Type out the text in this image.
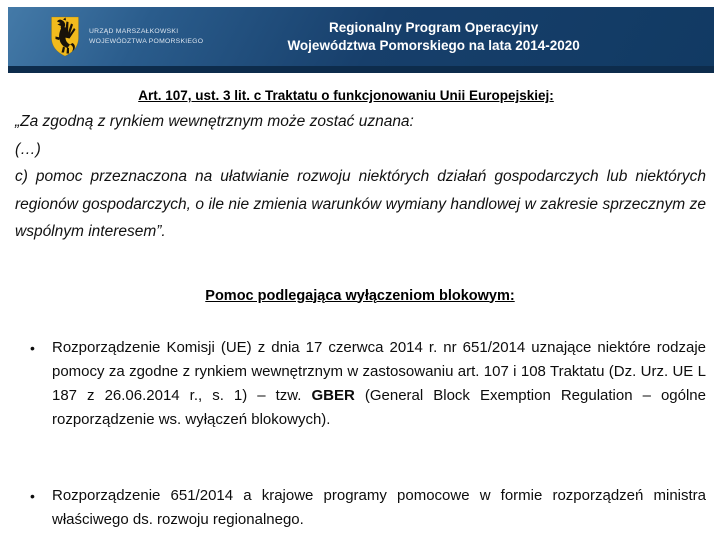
URZĄD MARSZAŁKOWSKI
WOJEWÓDZTWA POMORSKIEGO
Regionalny Program Operacyjny
Województwa Pomorskiego na lata 2014-2020
Art. 107, ust. 3 lit. c Traktatu o funkcjonowaniu Unii Europejskiej:

„Za zgodną z rynkiem wewnętrznym może zostać uznana:

(…)

c) pomoc przeznaczona na ułatwianie rozwoju niektórych działań gospodarczych lub niektórych regionów gospodarczych, o ile nie zmienia warunków wymiany handlowej w zakresie sprzecznym ze wspólnym interesem”.

Pomoc podlegająca wyłączeniom blokowym:
•	Rozporządzenie Komisji (UE) z dnia 17 czerwca 2014 r. nr 651/2014 uznające niektóre rodzaje pomocy za zgodne z rynkiem wewnętrznym w zastosowaniu art. 107 i 108 Traktatu (Dz. Urz. UE L 187 z 26.06.2014 r., s. 1) – tzw. GBER (General Block Exemption Regulation – ogólne rozporządzenie ws. wyłączeń blokowych).
•	Rozporządzenie 651/2014 a krajowe programy pomocowe w formie rozporządzeń ministra właściwego ds. rozwoju regionalnego.
